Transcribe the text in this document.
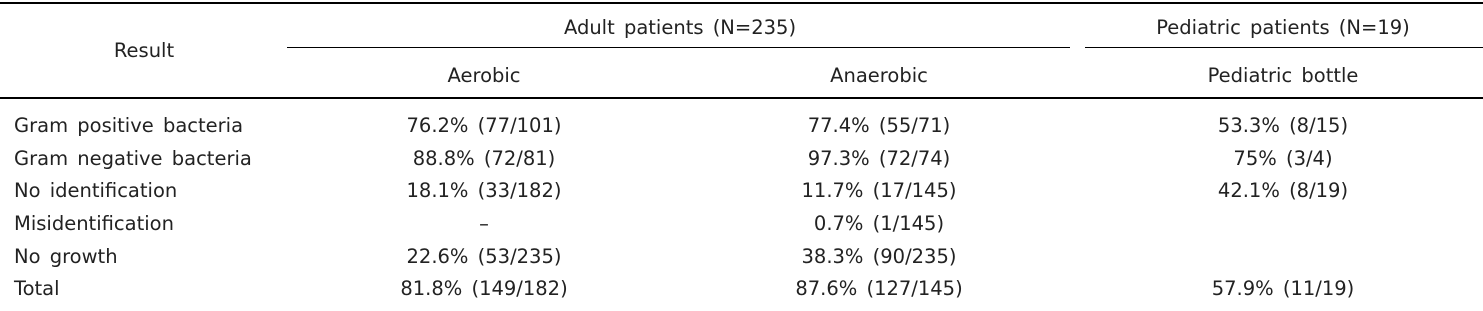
Result
Adult patients (N=235)	Pediatric patients (N=19)
Aerobic	Anaerobic	Pediatric bottle
Gram positive bacteria	76.2% (77/101)	77.4% (55/71)	53.3% (8/15)
Gram negative bacteria	88.8% (72/81)	97.3% (72/74)	75% (3/4)
No identification	18.1% (33/182)	11.7% (17/145)	42.1% (8/19)
Misidentification	–	0.7% (1/145)
No growth	22.6% (53/235)	38.3% (90/235)
Total	81.8% (149/182)	87.6% (127/145)	57.9% (11/19)
